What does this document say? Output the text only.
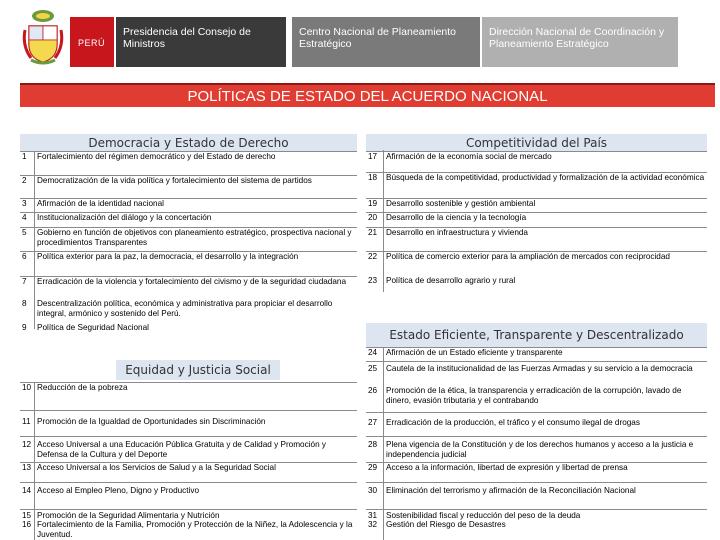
PERÚ
Presidencia del Consejo de Ministros
Centro Nacional de Planeamiento Estratégico
Dirección Nacional de Coordinación y Planeamiento Estratégico
POLÍTICAS DE ESTADO DEL ACUERDO NACIONAL
Democracia y Estado de Derecho
1	Fortalecimiento del régimen democrático y del Estado de derecho
2	Democratización de la vida política y fortalecimiento del sistema de partidos
3	Afirmación de la identidad nacional
4	Institucionalización del diálogo y la concertación
5	Gobierno en función de objetivos con planeamiento estratégico, prospectiva nacional y procedimientos Transparentes
6	Política exterior para la paz, la democracia, el desarrollo y la integración
7	Erradicación de la violencia y fortalecimiento del civismo y de la seguridad ciudadana
8	Descentralización política, económica y administrativa para propiciar el desarrollo integral, armónico y sostenido del Perú.
9	Política de Seguridad Nacional
Equidad y Justicia Social
10 Reducción de la pobreza
11 Promoción de la Igualdad de Oportunidades sin Discriminación
12 Acceso Universal a una Educación Pública Gratuita y de Calidad y Promoción y Defensa de la Cultura y del Deporte
13 Acceso Universal a los Servicios de Salud y a la Seguridad Social
14 Acceso al Empleo Pleno, Digno y Productivo
15 Promoción de la Seguridad Alimentaria y Nutrición
16 Fortalecimiento de la Familia, Promoción y Protección de la Niñez, la Adolescencia y la Juventud.
Competitividad del País
17	Afirmación de la economía social de mercado
18	Búsqueda de la competitividad, productividad y formalización de la actividad económica
19	Desarrollo sostenible y gestión ambiental
20	Desarrollo de la ciencia y la tecnología
21	Desarrollo en infraestructura y vivienda
22	Política de comercio exterior para la ampliación de mercados con reciprocidad
23	Política de desarrollo agrario y rural
Estado Eficiente, Transparente y Descentralizado
24	Afirmación de un Estado eficiente y transparente
25	Cautela de la institucionalidad de las Fuerzas Armadas y su servicio a la democracia
26	Promoción de la ética, la transparencia y erradicación de la corrupción, lavado de dinero, evasión tributaria y el contrabando
27	Erradicación de la producción, el tráfico y el consumo ilegal de drogas
28	Plena vigencia de la Constitución y de los derechos humanos y acceso a la justicia e independencia judicial
29	Acceso a la información, libertad de expresión y libertad de prensa
30	Eliminación del terrorismo y afirmación de la Reconciliación Nacional
31	Sostenibilidad fiscal y reducción del peso de la deuda
32	Gestión del Riesgo de Desastres
